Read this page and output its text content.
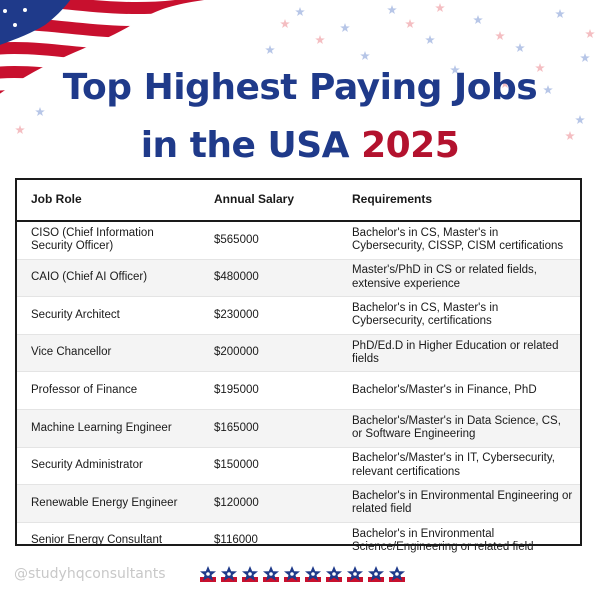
Top Highest Paying Jobs
in the USA 2025
Job Role	Annual Salary	Requirements
CISO (Chief Information Security Officer)	$565000	Bachelor's in CS, Master's in Cybersecurity, CISSP, CISM certifications
CAIO (Chief AI Officer)	$480000	Master's/PhD in CS or related fields, extensive experience
Security Architect	$230000	Bachelor's in CS, Master's in Cybersecurity, certifications
Vice Chancellor	$200000	PhD/Ed.D in Higher Education or related fields
Professor of Finance	$195000	Bachelor's/Master's in Finance, PhD
Machine Learning Engineer	$165000	Bachelor's/Master's in Data Science, CS, or Software Engineering
Security Administrator	$150000	Bachelor's/Master's in IT, Cybersecurity, relevant certifications
Renewable Energy Engineer	$120000	Bachelor's in Environmental Engineering or related field
Senior Energy Consultant	$116000	Bachelor's in Environmental Science/Engineering or related field
@studyhqconsultants
